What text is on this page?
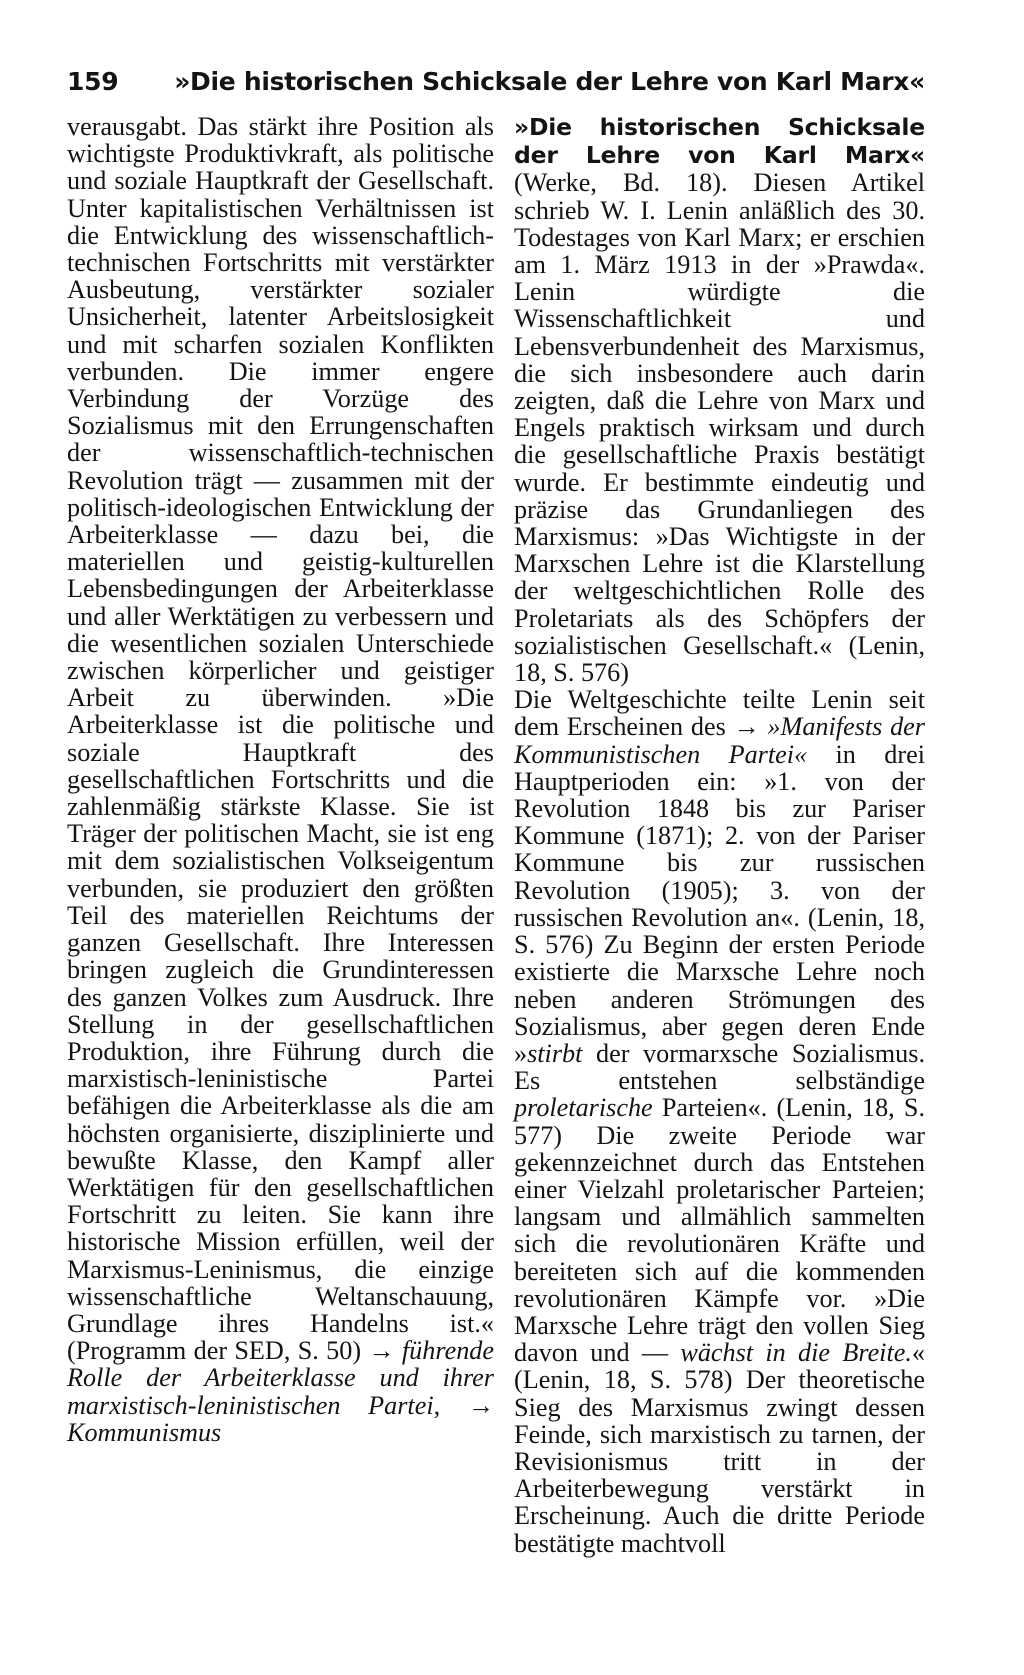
159 »Die historischen Schicksale der Lehre von Karl Marx«

verausgabt. Das stärkt ihre Position als wichtigste Produktivkraft, als politische und soziale Hauptkraft der Gesellschaft. Unter kapitalistischen Verhältnissen ist die Entwicklung des wissenschaftlich-technischen Fortschritts mit verstärkter Ausbeutung, verstärkter sozialer Unsicherheit, latenter Arbeitslosigkeit und mit scharfen sozialen Konflikten verbunden. Die immer engere Verbindung der Vorzüge des Sozialismus mit den Errungenschaften der wissenschaftlich-technischen Revolution trägt — zusammen mit der politisch-ideologischen Entwicklung der Arbeiterklasse — dazu bei, die materiellen und geistig-kulturellen Lebensbedingungen der Arbeiterklasse und aller Werktätigen zu verbessern und die wesentlichen sozialen Unterschiede zwischen körperlicher und geistiger Arbeit zu überwinden. »Die Arbeiterklasse ist die politische und soziale Hauptkraft des gesellschaftlichen Fortschritts und die zahlenmäßig stärkste Klasse. Sie ist Träger der politischen Macht, sie ist eng mit dem sozialistischen Volkseigentum verbunden, sie produziert den größten Teil des materiellen Reichtums der ganzen Gesellschaft. Ihre Interessen bringen zugleich die Grundinteressen des ganzen Volkes zum Ausdruck. Ihre Stellung in der gesellschaftlichen Produktion, ihre Führung durch die marxistisch-leninistische Partei befähigen die Arbeiterklasse als die am höchsten organisierte, disziplinierte und bewußte Klasse, den Kampf aller Werktätigen für den gesellschaftlichen Fortschritt zu leiten. Sie kann ihre historische Mission erfüllen, weil der Marxismus-Leninismus, die einzige wissenschaftliche Weltanschauung, Grundlage ihres Handelns ist.« (Programm der SED, S. 50) → führende Rolle der Arbeiterklasse und ihrer marxistisch-leninistischen Partei, → Kommunismus

»Die historischen Schicksale der Lehre von Karl Marx« (Werke, Bd. 18). Diesen Artikel schrieb W. I. Lenin anläßlich des 30. Todestages von Karl Marx; er erschien am 1. März 1913 in der »Prawda«. Lenin würdigte die Wissenschaftlichkeit und Lebensverbundenheit des Marxismus, die sich insbesondere auch darin zeigten, daß die Lehre von Marx und Engels praktisch wirksam und durch die gesellschaftliche Praxis bestätigt wurde. Er bestimmte eindeutig und präzise das Grundanliegen des Marxismus: »Das Wichtigste in der Marxschen Lehre ist die Klarstellung der weltgeschichtlichen Rolle des Proletariats als des Schöpfers der sozialistischen Gesellschaft.« (Lenin, 18, S. 576)

Die Weltgeschichte teilte Lenin seit dem Erscheinen des → »Manifests der Kommunistischen Partei« in drei Hauptperioden ein: »1. von der Revolution 1848 bis zur Pariser Kommune (1871); 2. von der Pariser Kommune bis zur russischen Revolution (1905); 3. von der russischen Revolution an«. (Lenin, 18, S. 576) Zu Beginn der ersten Periode existierte die Marxsche Lehre noch neben anderen Strömungen des Sozialismus, aber gegen deren Ende »stirbt der vormarxsche Sozialismus. Es entstehen selbständige proletarische Parteien«. (Lenin, 18, S. 577) Die zweite Periode war gekennzeichnet durch das Entstehen einer Vielzahl proletarischer Parteien; langsam und allmählich sammelten sich die revolutionären Kräfte und bereiteten sich auf die kommenden revolutionären Kämpfe vor. »Die Marxsche Lehre trägt den vollen Sieg davon und — wächst in die Breite.« (Lenin, 18, S. 578) Der theoretische Sieg des Marxismus zwingt dessen Feinde, sich marxistisch zu tarnen, der Revisionismus tritt in der Arbeiterbewegung verstärkt in Erscheinung. Auch die dritte Periode bestätigte machtvoll
